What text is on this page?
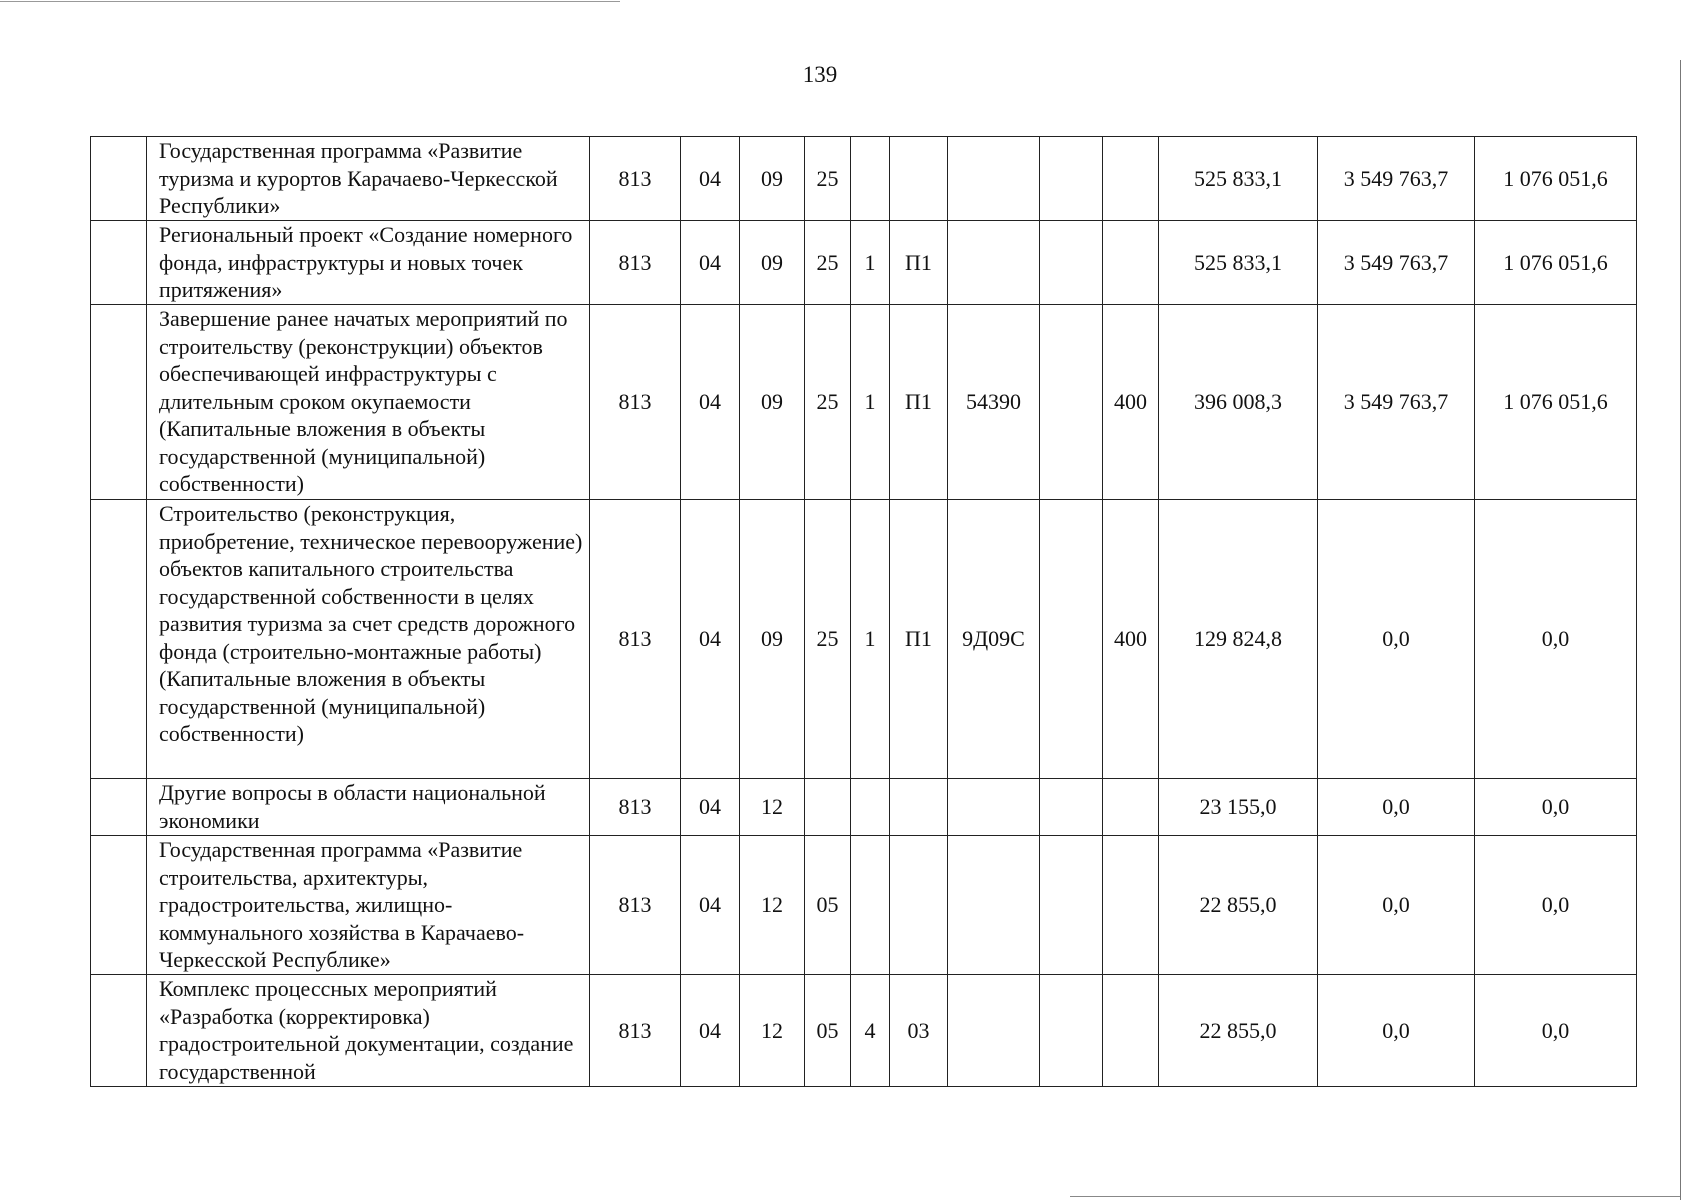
139
	Государственная программа «Развитие туризма и курортов Карачаево-Черкесской Республики»	813	04	09	25						525 833,1	3 549 763,7	1 076 051,6
	Региональный проект «Создание номерного фонда, инфраструктуры и новых точек притяжения»	813	04	09	25	1	П1				525 833,1	3 549 763,7	1 076 051,6
	Завершение ранее начатых мероприятий по строительству (реконструкции) объектов обеспечивающей инфраструктуры с длительным сроком окупаемости (Капитальные вложения в объекты государственной (муниципальной) собственности)	813	04	09	25	1	П1	54390		400	396 008,3	3 549 763,7	1 076 051,6
	Строительство (реконструкция, приобретение, техническое перевооружение) объектов капитального строительства государственной собственности в целях развития туризма за счет средств дорожного фонда (строительно-монтажные работы) (Капитальные вложения в объекты государственной (муниципальной) собственности)	813	04	09	25	1	П1	9Д09С		400	129 824,8	0,0	0,0
	Другие вопросы в области национальной экономики	813	04	12							23 155,0	0,0	0,0
	Государственная программа «Развитие строительства, архитектуры, градостроительства, жилищно-коммунального хозяйства в Карачаево-Черкесской Республике»	813	04	12	05						22 855,0	0,0	0,0
	Комплекс процессных мероприятий «Разработка (корректировка) градостроительной документации, создание государственной	813	04	12	05	4	03				22 855,0	0,0	0,0
